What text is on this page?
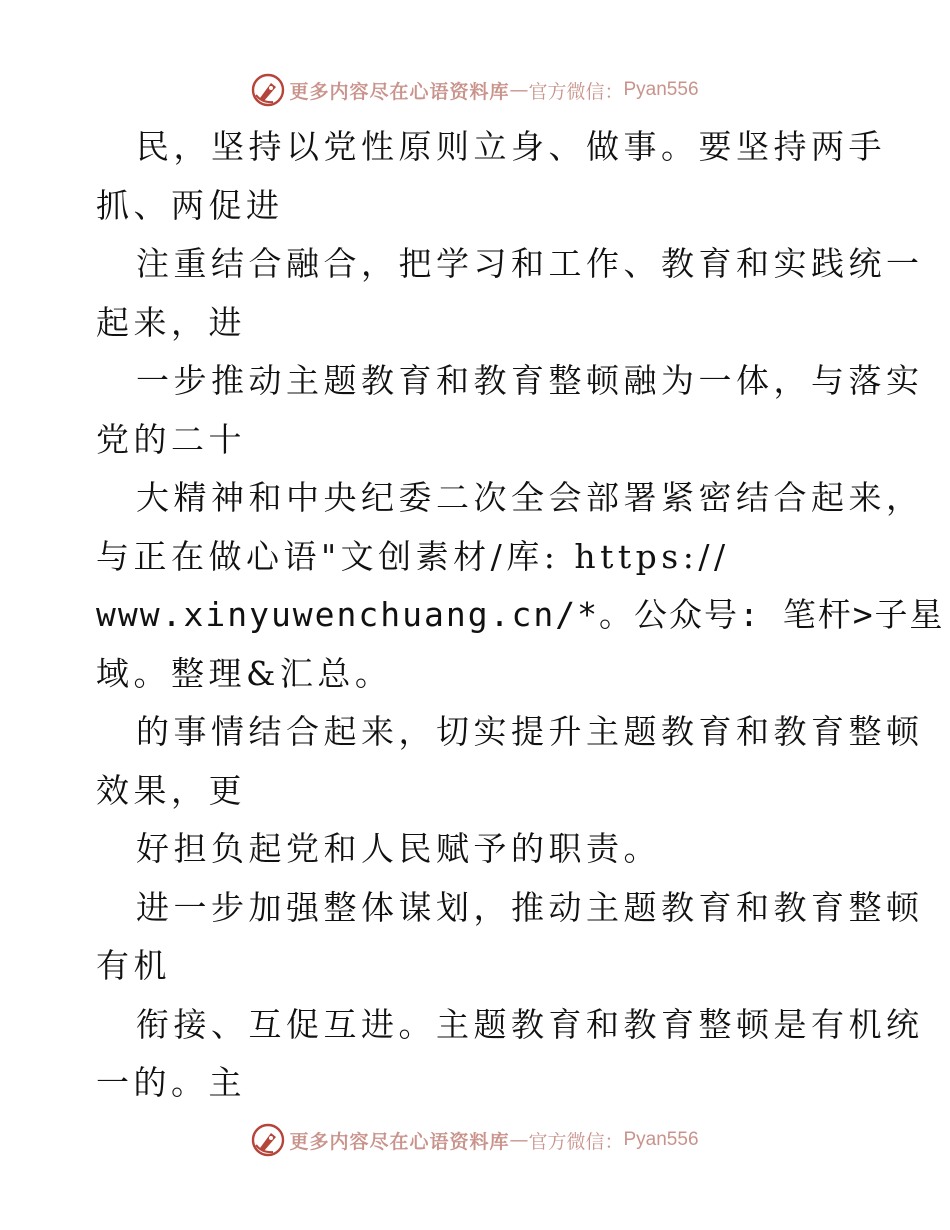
更多内容尽在心语资料库 — 官方微信： Pyan556
民，坚持以党性原则立身、做事。要坚持两手
抓、两促进
注重结合融合，把学习和工作、教育和实践统一
起来，进
一步推动主题教育和教育整顿融为一体，与落实
党的二十
大精神和中央纪委二次全会部署紧密结合起来，
与正在做心语"文创素材/库: https://
www.xinyuwenchuang.cn/*。公众号: 笔杆>子星
域。整理&汇总。
的事情结合起来，切实提升主题教育和教育整顿
效果，更
好担负起党和人民赋予的职责。
进一步加强整体谋划，推动主题教育和教育整顿
有机
衔接、互促互进。主题教育和教育整顿是有机统
一的。主
更多内容尽在心语资料库 — 官方微信： Pyan556
